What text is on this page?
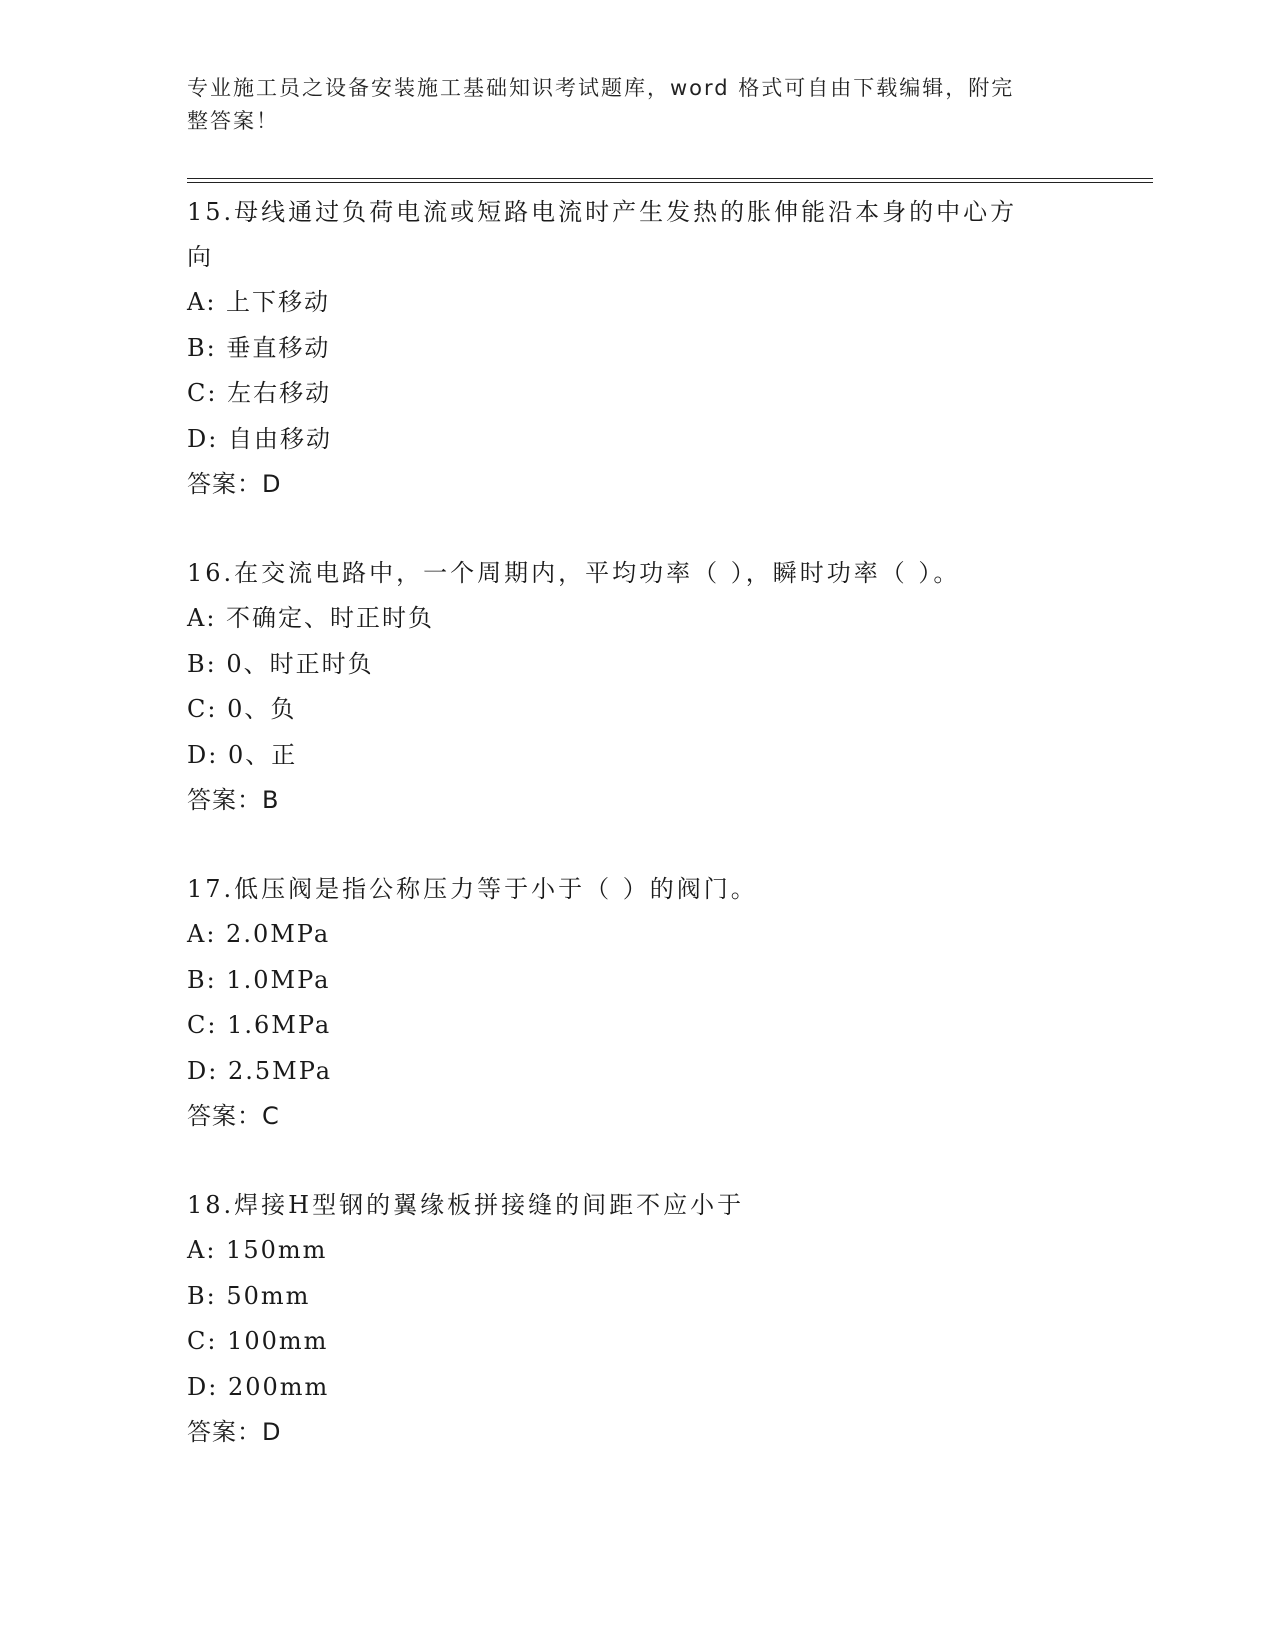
专业施工员之设备安装施工基础知识考试题库，word 格式可自由下载编辑，附完
整答案！

15.母线通过负荷电流或短路电流时产生发热的胀伸能沿本身的中心方

向

A: 上下移动

B: 垂直移动

C: 左右移动

D: 自由移动

答案：D

16.在交流电路中，一个周期内，平均功率（ ），瞬时功率（ ）。

A: 不确定、时正时负

B: 0、时正时负

C: 0、负

D: 0、正

答案：B

17.低压阀是指公称压力等于小于（ ）的阀门。

A: 2.0MPa

B: 1.0MPa

C: 1.6MPa

D: 2.5MPa

答案：C

18.焊接H型钢的翼缘板拼接缝的间距不应小于

A: 150mm

B: 50mm

C: 100mm

D: 200mm

答案：D
